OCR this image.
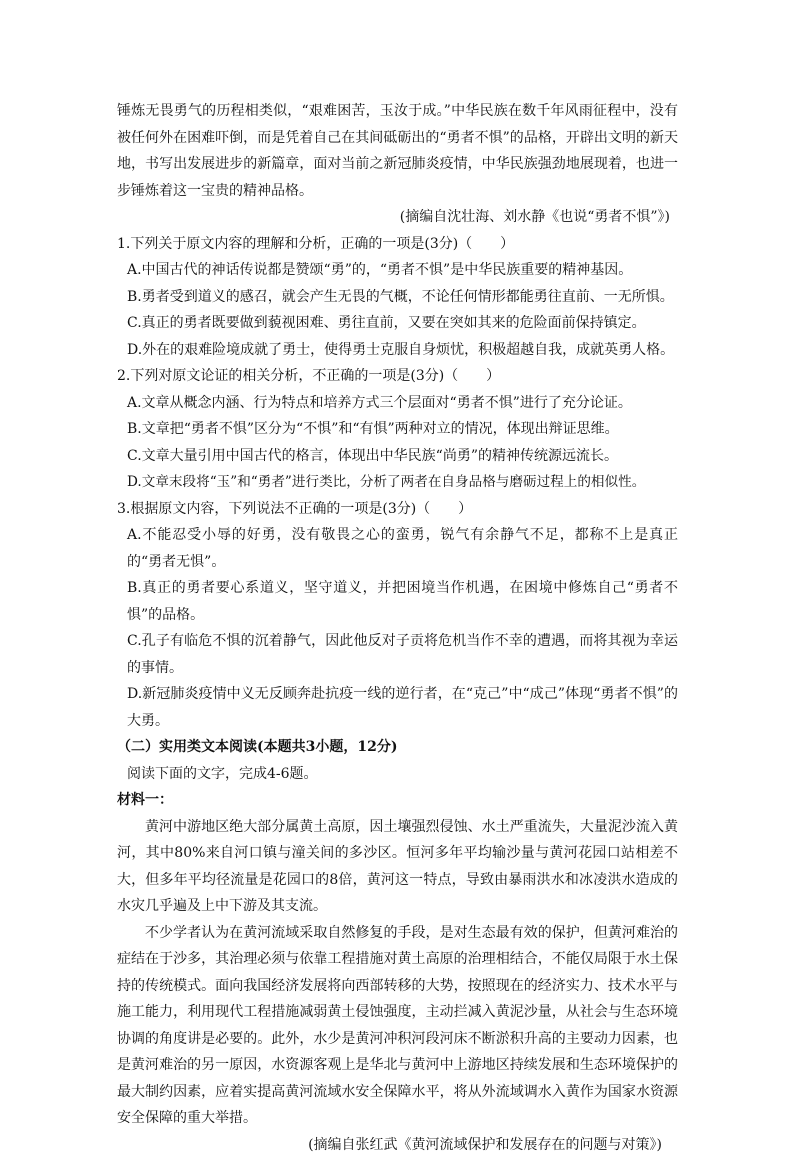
锤炼无畏勇气的历程相类似，“艰难困苦，玉汝于成。”中华民族在数千年风雨征程中，没有被任何外在困难吓倒，而是凭着自己在其间砥砺出的“勇者不惧”的品格，开辟出文明的新天地，书写出发展进步的新篇章，面对当前之新冠肺炎疫情，中华民族强劲地展现着，也进一步锤炼着这一宝贵的精神品格。

(摘编自沈壮海、刘水静《也说“勇者不惧”》)

1.下列关于原文内容的理解和分析，正确的一项是(3分)（　　）

A.中国古代的神话传说都是赞颂“勇”的，“勇者不惧”是中华民族重要的精神基因。

B.勇者受到道义的感召，就会产生无畏的气概，不论任何情形都能勇往直前、一无所惧。

C.真正的勇者既要做到藐视困难、勇往直前，又要在突如其来的危险面前保持镇定。

D.外在的艰难险境成就了勇士，使得勇士克服自身烦忧，积极超越自我，成就英勇人格。

2.下列对原文论证的相关分析，不正确的一项是(3分)（　　）

A.文章从概念内涵、行为特点和培养方式三个层面对“勇者不惧”进行了充分论证。

B.文章把“勇者不惧”区分为“不惧”和“有惧”两种对立的情况，体现出辩证思维。

C.文章大量引用中国古代的格言，体现出中华民族“尚勇”的精神传统源远流长。

D.文章末段将“玉”和“勇者”进行类比，分析了两者在自身品格与磨砺过程上的相似性。

3.根据原文内容，下列说法不正确的一项是(3分)（　　）

A.不能忍受小辱的好勇，没有敬畏之心的蛮勇，锐气有余静气不足，都称不上是真正的“勇者无惧”。

B.真正的勇者要心系道义，坚守道义，并把困境当作机遇，在困境中修炼自己“勇者不惧”的品格。

C.孔子有临危不惧的沉着静气，因此他反对子贡将危机当作不幸的遭遇，而将其视为幸运的事情。

D.新冠肺炎疫情中义无反顾奔赴抗疫一线的逆行者，在“克己”中“成己”体现“勇者不惧”的大勇。

（二）实用类文本阅读(本题共3小题，12分)

阅读下面的文字，完成4-6题。

材料一：

黄河中游地区绝大部分属黄土高原，因土壤强烈侵蚀、水土严重流失，大量泥沙流入黄河，其中80%来自河口镇与潼关间的多沙区。恒河多年平均输沙量与黄河花园口站相差不大，但多年平均径流量是花园口的8倍，黄河这一特点，导致由暴雨洪水和冰凌洪水造成的水灾几乎遍及上中下游及其支流。

不少学者认为在黄河流域采取自然修复的手段，是对生态最有效的保护，但黄河难治的症结在于沙多，其治理必须与依靠工程措施对黄土高原的治理相结合，不能仅局限于水土保持的传统模式。面向我国经济发展将向西部转移的大势，按照现在的经济实力、技术水平与施工能力，利用现代工程措施减弱黄土侵蚀强度，主动拦减入黄泥沙量，从社会与生态环境协调的角度讲是必要的。此外，水少是黄河冲积河段河床不断淤积升高的主要动力因素，也是黄河难治的另一原因，水资源客观上是华北与黄河中上游地区持续发展和生态环境保护的最大制约因素，应着实提高黄河流域水安全保障水平，将从外流域调水入黄作为国家水资源安全保障的重大举措。

(摘编自张红武《黄河流域保护和发展存在的问题与对策》)
